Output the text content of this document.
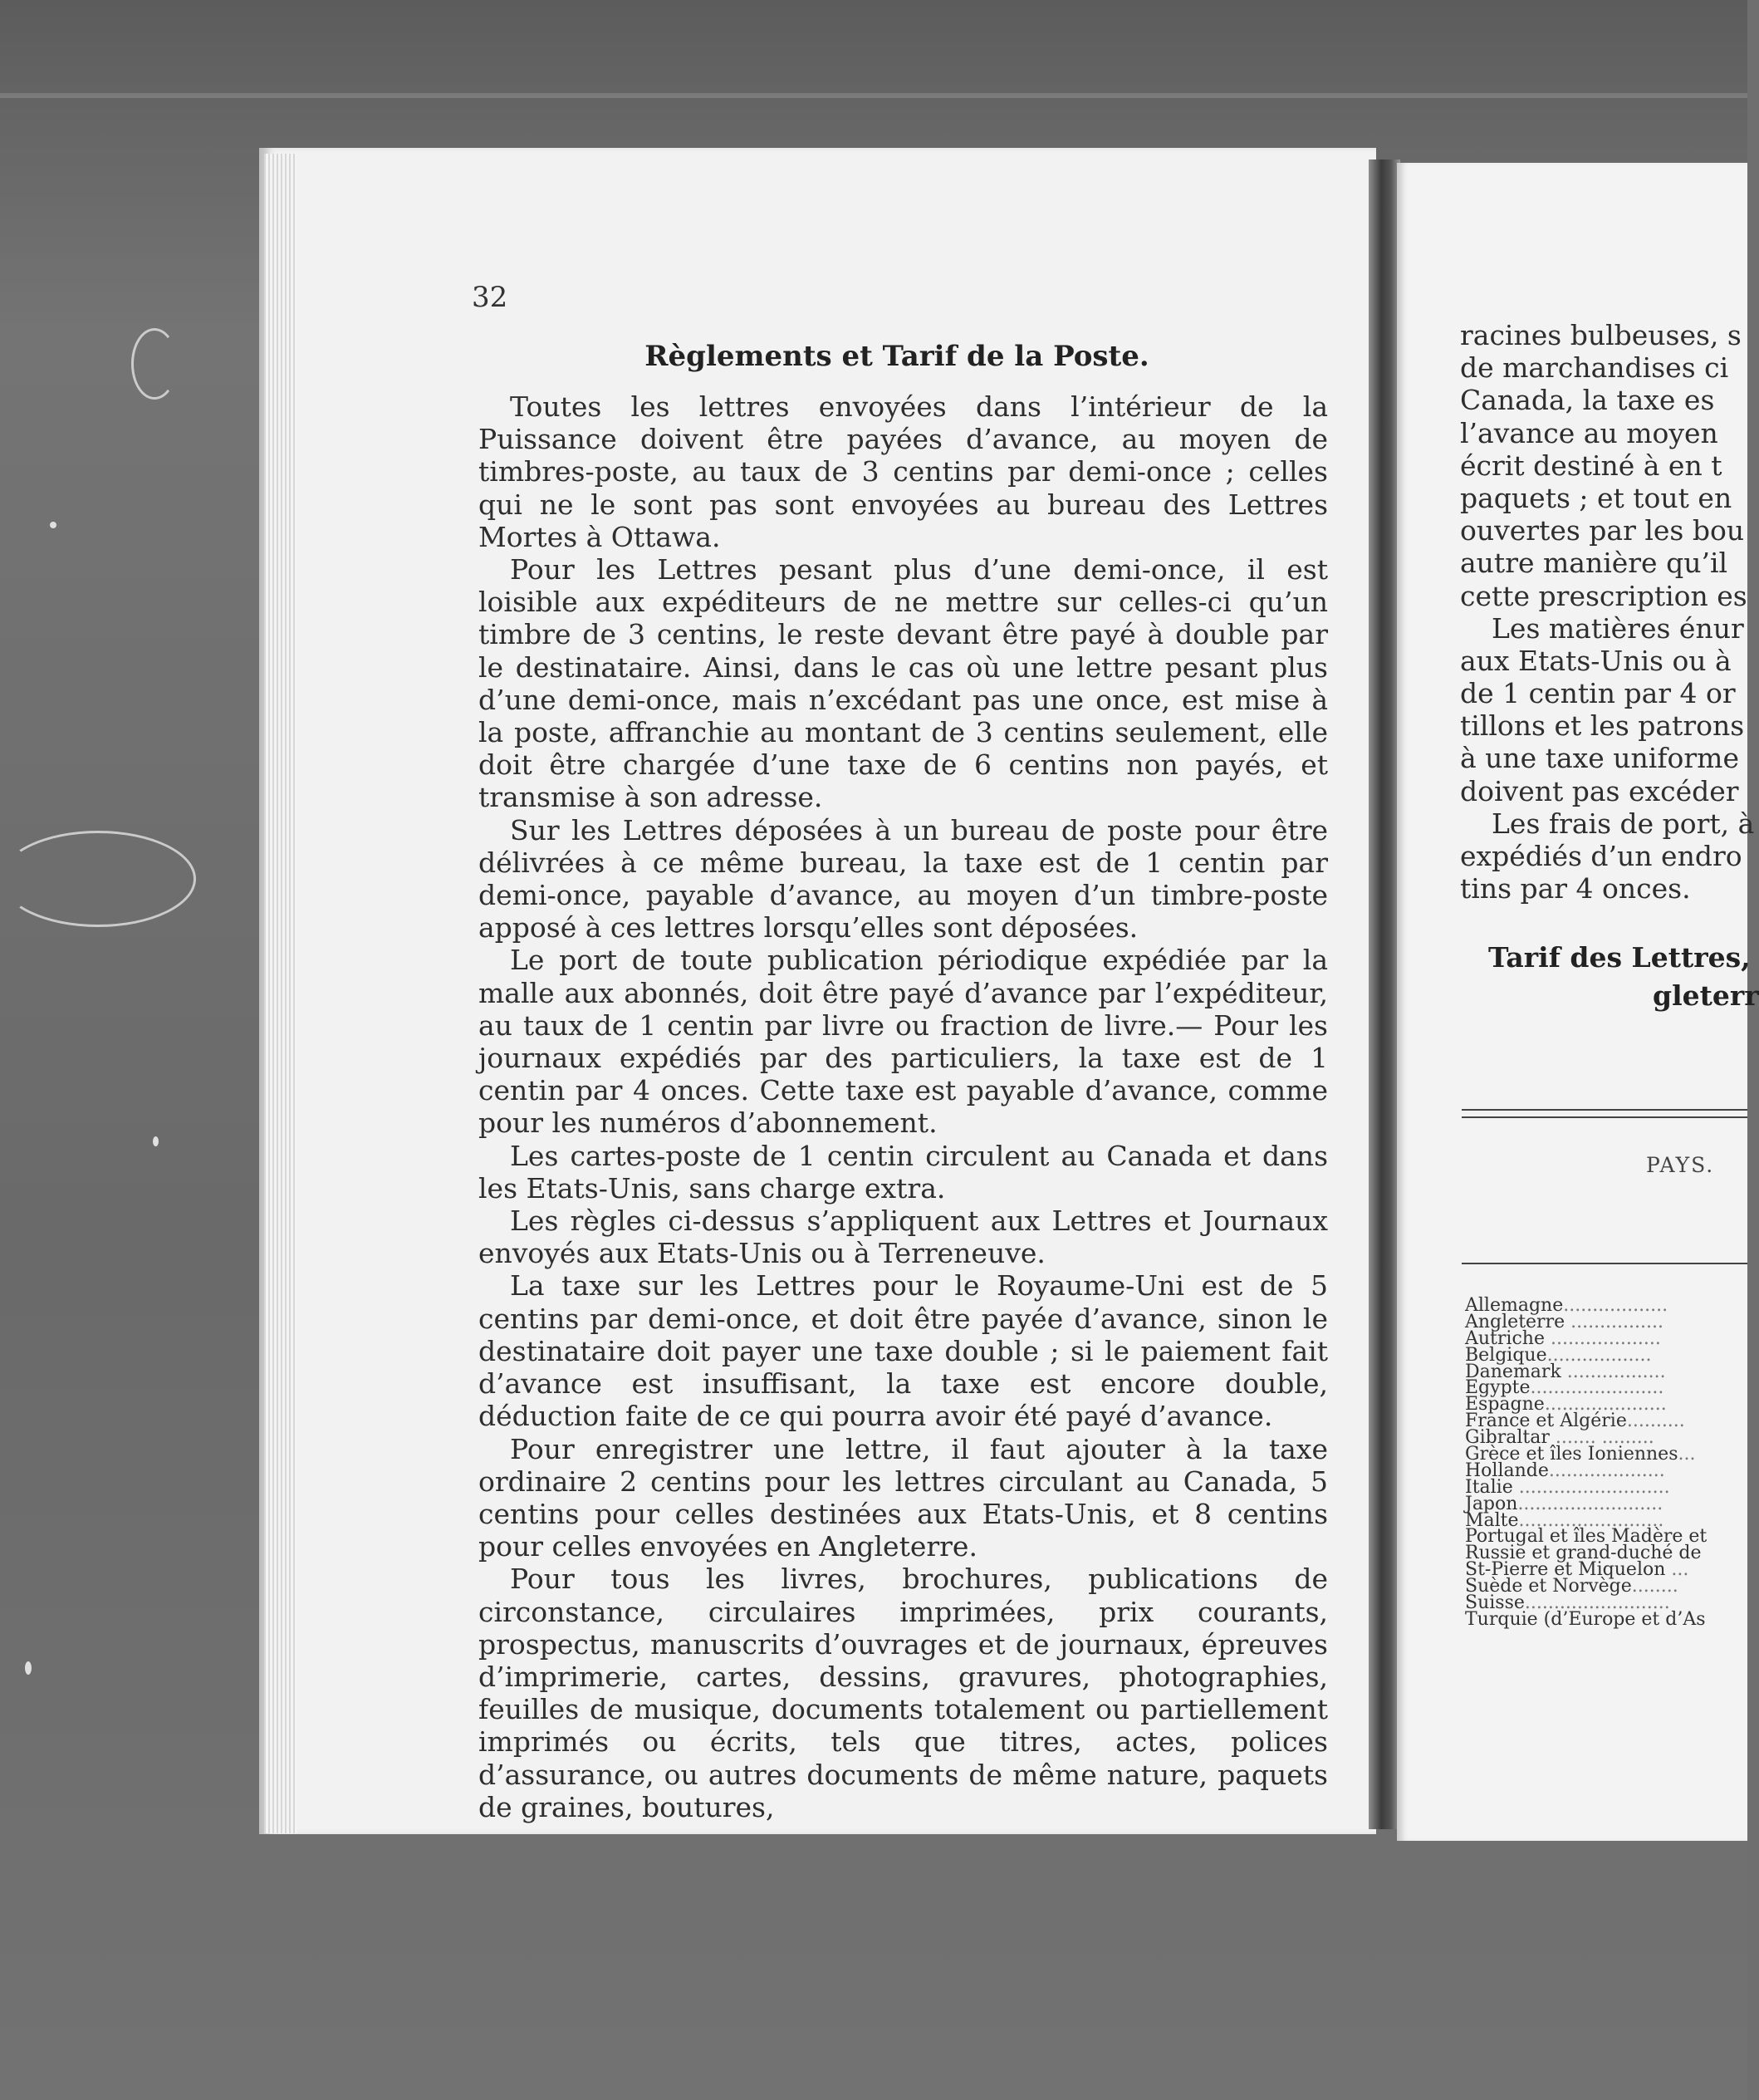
32
Règlements et Tarif de la Poste.

Toutes les lettres envoyées dans l’intérieur de la Puissance doivent être payées d’avance, au moyen de timbres-poste, au taux de 3 centins par demi-once ; celles qui ne le sont pas sont envoyées au bureau des Lettres Mortes à Ottawa.

Pour les Lettres pesant plus d’une demi-once, il est loisible aux expéditeurs de ne mettre sur celles-ci qu’un timbre de 3 centins, le reste devant être payé à double par le destinataire. Ainsi, dans le cas où une lettre pesant plus d’une demi-once, mais n’excédant pas une once, est mise à la poste, affranchie au montant de 3 centins seulement, elle doit être chargée d’une taxe de 6 centins non payés, et transmise à son adresse.

Sur les Lettres déposées à un bureau de poste pour être délivrées à ce même bureau, la taxe est de 1 centin par demi-once, payable d’avance, au moyen d’un timbre-poste apposé à ces lettres lorsqu’elles sont déposées.

Le port de toute publication périodique expédiée par la malle aux abonnés, doit être payé d’avance par l’expéditeur, au taux de 1 centin par livre ou fraction de livre.— Pour les journaux expédiés par des particuliers, la taxe est de 1 centin par 4 onces. Cette taxe est payable d’avance, comme pour les numéros d’abonnement.

Les cartes-poste de 1 centin circulent au Canada et dans les Etats-Unis, sans charge extra.

Les règles ci-dessus s’appliquent aux Lettres et Journaux envoyés aux Etats-Unis ou à Terreneuve.

La taxe sur les Lettres pour le Royaume-Uni est de 5 centins par demi-once, et doit être payée d’avance, sinon le destinataire doit payer une taxe double ; si le paiement fait d’avance est insuffisant, la taxe est encore double, déduction faite de ce qui pourra avoir été payé d’avance.

Pour enregistrer une lettre, il faut ajouter à la taxe ordinaire 2 centins pour les lettres circulant au Canada, 5 centins pour celles destinées aux Etats-Unis, et 8 centins pour celles envoyées en Angleterre.

Pour tous les livres, brochures, publications de circonstance, circulaires imprimées, prix courants, prospectus, manuscrits d’ouvrages et de journaux, épreuves d’imprimerie, cartes, dessins, gravures, photographies, feuilles de musique, documents totalement ou partiellement imprimés ou écrits, tels que titres, actes, polices d’assurance, ou autres documents de même nature, paquets de graines, boutures,

racines bulbeuses, s
de marchandises ci
Canada, la taxe es
l’avance au moyen
écrit destiné à en t
paquets ; et tout en
ouvertes par les bou
autre manière qu’il
cette prescription es
Les matières énur
aux Etats-Unis ou à
de 1 centin par 4 or
tillons et les patrons
à une taxe uniforme
doivent pas excéder
Les frais de port, à
expédiés d’un endro
tins par 4 onces.
Tarif des Lettres,
gleterr
PAYS.
Allemagne..................
Angleterre ................
Autriche ...................
Belgique..................
Danemark .................
Egypte.......................
Espagne.....................
France et Algérie..........
Gibraltar ....... .........
Grèce et îles Ioniennes...
Hollande....................
Italie ..........................
Japon.........................
Malte.........................
Portugal et îles Madère et
Russie et grand-duché de
St-Pierre et Miquelon ...
Suède et Norvège........
Suisse.........................
Turquie (d’Europe et d’As
